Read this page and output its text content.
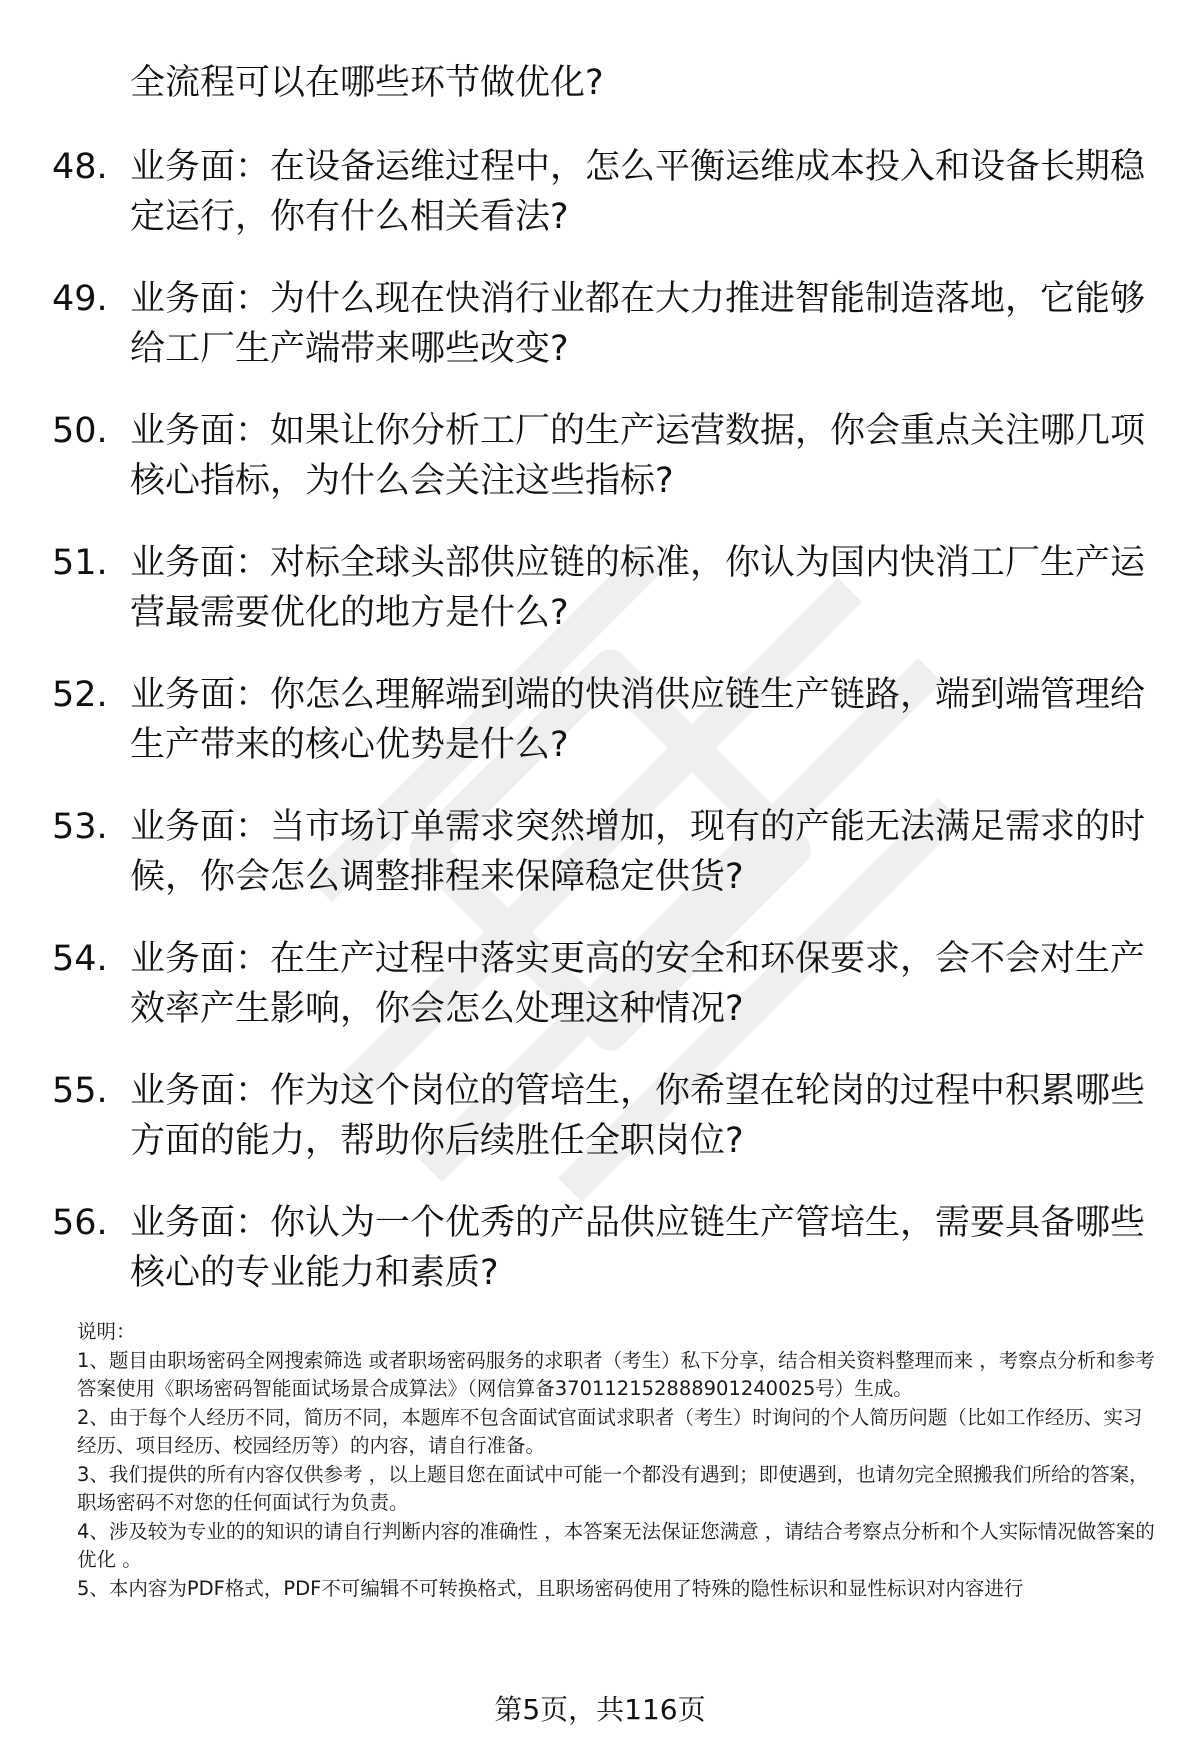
全流程可以在哪些环节做优化?
48. 业务面：在设备运维过程中，怎么平衡运维成本投入和设备长期稳定运行，你有什么相关看法?
49. 业务面：为什么现在快消行业都在大力推进智能制造落地，它能够给工厂生产端带来哪些改变?
50. 业务面：如果让你分析工厂的生产运营数据，你会重点关注哪几项核心指标，为什么会关注这些指标?
51. 业务面：对标全球头部供应链的标准，你认为国内快消工厂生产运营最需要优化的地方是什么?
52. 业务面：你怎么理解端到端的快消供应链生产链路，端到端管理给生产带来的核心优势是什么?
53. 业务面：当市场订单需求突然增加，现有的产能无法满足需求的时候，你会怎么调整排程来保障稳定供货?
54. 业务面：在生产过程中落实更高的安全和环保要求，会不会对生产效率产生影响，你会怎么处理这种情况?
55. 业务面：作为这个岗位的管培生，你希望在轮岗的过程中积累哪些方面的能力，帮助你后续胜任全职岗位?
56. 业务面：你认为一个优秀的产品供应链生产管培生，需要具备哪些核心的专业能力和素质?

说明：

1、题目由职场密码全网搜索筛选 或者职场密码服务的求职者（考生）私下分享，结合相关资料整理而来 ，考察点分析和参考答案使用《职场密码智能面试场景合成算法》（网信算备370112152888901240025号）生成。

2、由于每个人经历不同，简历不同，本题库不包含面试官面试求职者（考生）时询问的个人简历问题（比如工作经历、实习经历、项目经历、校园经历等）的内容，请自行准备。

3、我们提供的所有内容仅供参考 ，以上题目您在面试中可能一个都没有遇到；即使遇到，也请勿完全照搬我们所给的答案，职场密码不对您的任何面试行为负责。

4、涉及较为专业的的知识的请自行判断内容的准确性 ，本答案无法保证您满意 ，请结合考察点分析和个人实际情况做答案的优化 。

5、本内容为PDF格式，PDF不可编辑不可转换格式，且职场密码使用了特殊的隐性标识和显性标识对内容进行

第5页，共116页
